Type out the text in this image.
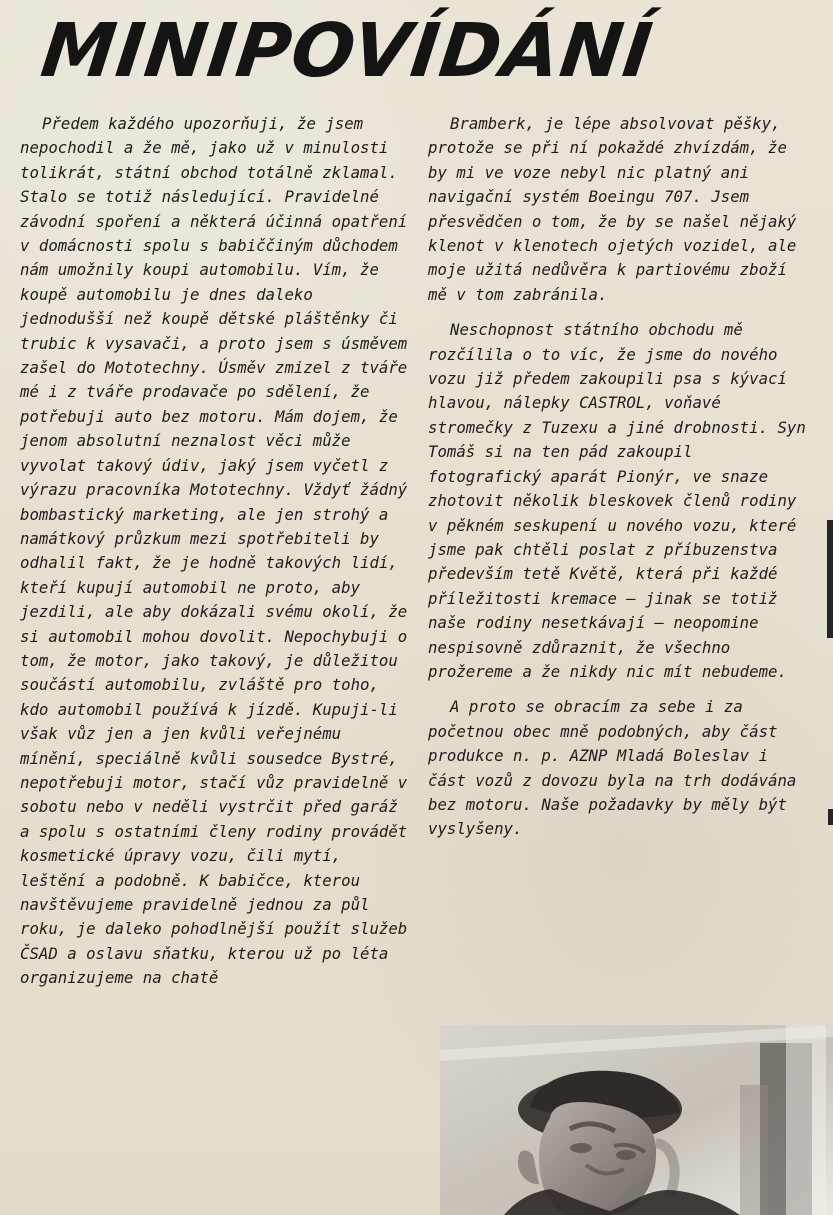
MINIPOVÍDÁNÍ

Předem každého upozorňuji, že jsem nepochodil a že mě, jako už v minulosti tolikrát, státní obchod totálně zklamal. Stalo se totiž následující. Pravidelné závodní spoření a některá účinná opatření v domácnosti spolu s babiččiným důchodem nám umožnily koupi automobilu. Vím, že koupě automobilu je dnes daleko jednodušší než koupě dětské pláštěnky či trubic k vysavači, a proto jsem s úsměvem zašel do Mototechny. Úsměv zmizel z tváře mé i z tváře prodavače po sdělení, že potřebuji auto bez motoru. Mám dojem, že jenom absolutní neznalost věci může vyvolat takový údiv, jaký jsem vyčetl z výrazu pracovníka Mototechny. Vždyť žádný bombastický marketing, ale jen strohý a namátkový průzkum mezi spotřebiteli by odhalil fakt, že je hodně takových lidí, kteří kupují automobil ne proto, aby jezdili, ale aby dokázali svému okolí, že si automobil mohou dovolit. Nepochybuji o tom, že motor, jako takový, je důležitou součástí automobilu, zvláště pro toho, kdo automobil používá k jízdě. Kupuji-li však vůz jen a jen kvůli veřejnému mínění, speciálně kvůli sousedce Bystré, nepotřebuji motor, stačí vůz pravidelně v sobotu nebo v neděli vystrčit před garáž a spolu s ostatními členy rodiny provádět kosmetické úpravy vozu, čili mytí, leštění a podobně. K babičce, kterou navštěvujeme pravidelně jednou za půl roku, je daleko pohodlnější použít služeb ČSAD a oslavu sňatku, kterou už po léta organizujeme na chatě

Bramberk, je lépe absolvovat pěšky, protože se při ní pokaždé zhvízdám, že by mi ve voze nebyl nic platný ani navigační systém Boeingu 707. Jsem přesvědčen o tom, že by se našel nějaký klenot v klenotech ojetých vozidel, ale moje užitá nedůvěra k partiovému zboží mě v tom zabránila.

Neschopnost státního obchodu mě rozčílila o to víc, že jsme do nového vozu již předem zakoupili psa s kývací hlavou, nálepky CASTROL, voňavé stromečky z Tuzexu a jiné drobnosti. Syn Tomáš si na ten pád zakoupil fotografický aparát Pionýr, ve snaze zhotovit několik bleskovek členů rodiny v pěkném seskupení u nového vozu, které jsme pak chtěli poslat z příbuzenstva především tetě Květě, která při každé příležitosti kremace — jinak se totiž naše rodiny nesetkávají — neopomine nespisovně zdůraznit, že všechno prožereme a že nikdy nic mít nebudeme.

A proto se obracím za sebe i za početnou obec mně podobných, aby část produkce n. p. AZNP Mladá Boleslav i část vozů z dovozu byla na trh dodávána bez motoru. Naše požadavky by měly být vyslyšeny.
